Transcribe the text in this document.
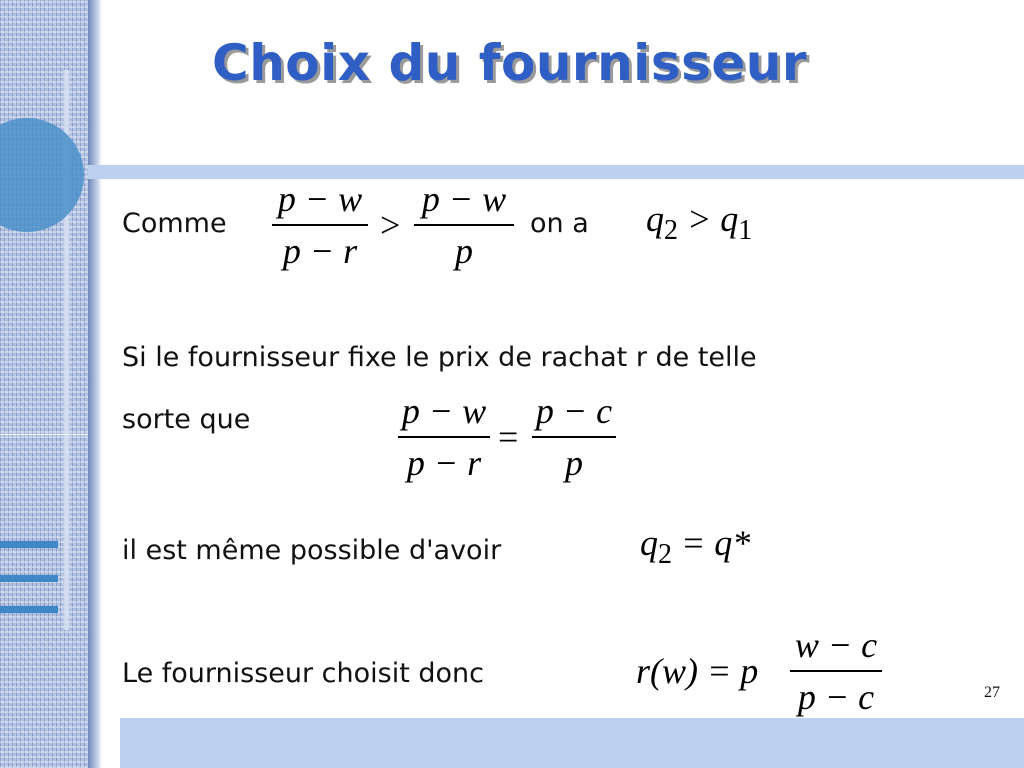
Choix du fournisseur
Comme
p − w
p − r
>
p − w
p
on a $q_2 > q_1$
Si le fournisseur fixe le prix de rachat r de telle
sorte que	p − w
p − r
=
p − c
p
il est même possible d'avoir	$q_2 = q*$
Le fournisseur choisit donc	r(w) = p
w − c
p − c	27
